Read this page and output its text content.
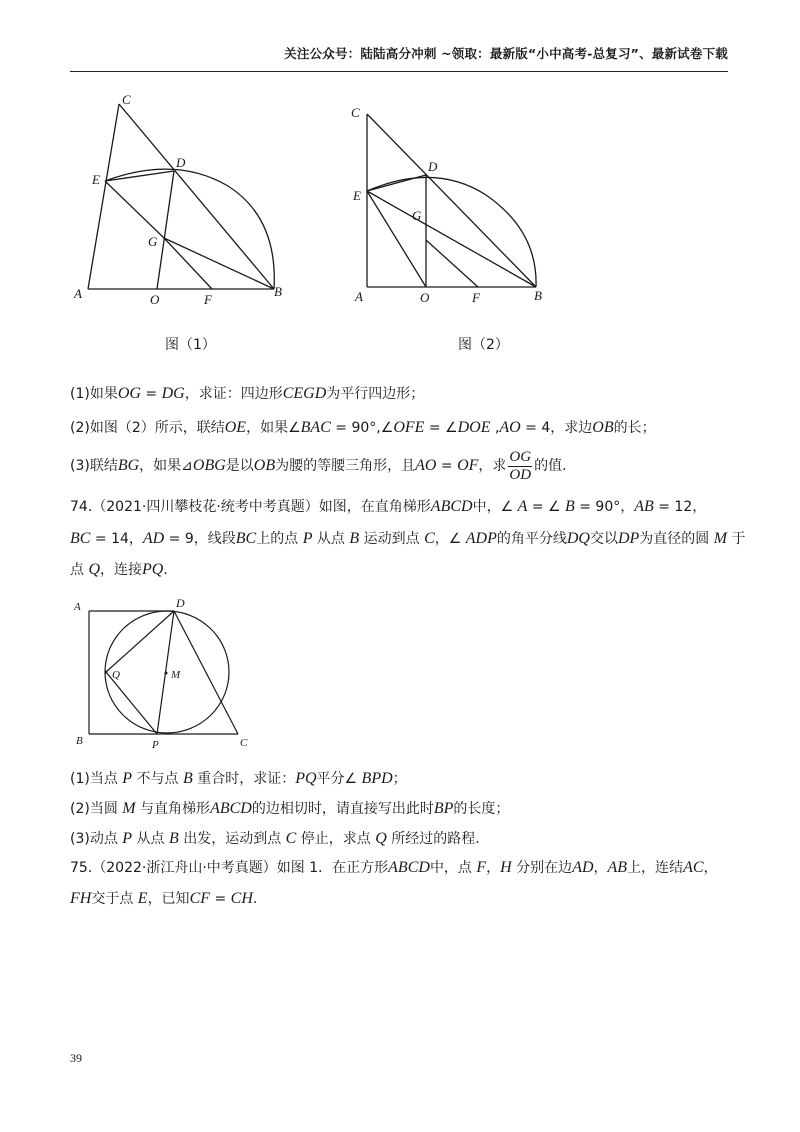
关注公众号：陆陆高分冲刺 ~领取：最新版“小中高考-总复习”、最新试卷下载
C
D
E
G
A	O	F
B
图（1）
C
D
E
G
A	O	F	B
图（2）
(1)如果OG = DG，求证：四边形CEGD为平行四边形；
(2)如图（2）所示，联结OE，如果∠BAC = 90°,∠OFE = ∠DOE ,AO = 4，求边OB的长；
(3)联结BG，如果⊿OBG是以OB为腰的等腰三角形，且AO = OF，求 $\frac{OG}{OD}$ 的值.
74.（2021·四川攀枝花·统考中考真题）如图，在直角梯形ABCD中，∠ A = ∠ B = 90°，AB = 12，
BC = 14，AD = 9，线段BC上的点 P 从点 B 运动到点 C，∠ ADP的角平分线DQ交以DP为直径的圆 M 于
点 Q，连接PQ.
A	D
Q	M
B	P	C
(1)当点 P 不与点 B 重合时，求证：PQ平分∠ BPD；
(2)当圆 M 与直角梯形ABCD的边相切时，请直接写出此时BP的长度；
(3)动点 P 从点 B 出发，运动到点 C 停止，求点 Q 所经过的路程.
75.（2022·浙江舟山·中考真题）如图 1．在正方形ABCD中，点 F，H 分别在边AD，AB上，连结AC，
FH交于点 E，已知CF = CH.
39
